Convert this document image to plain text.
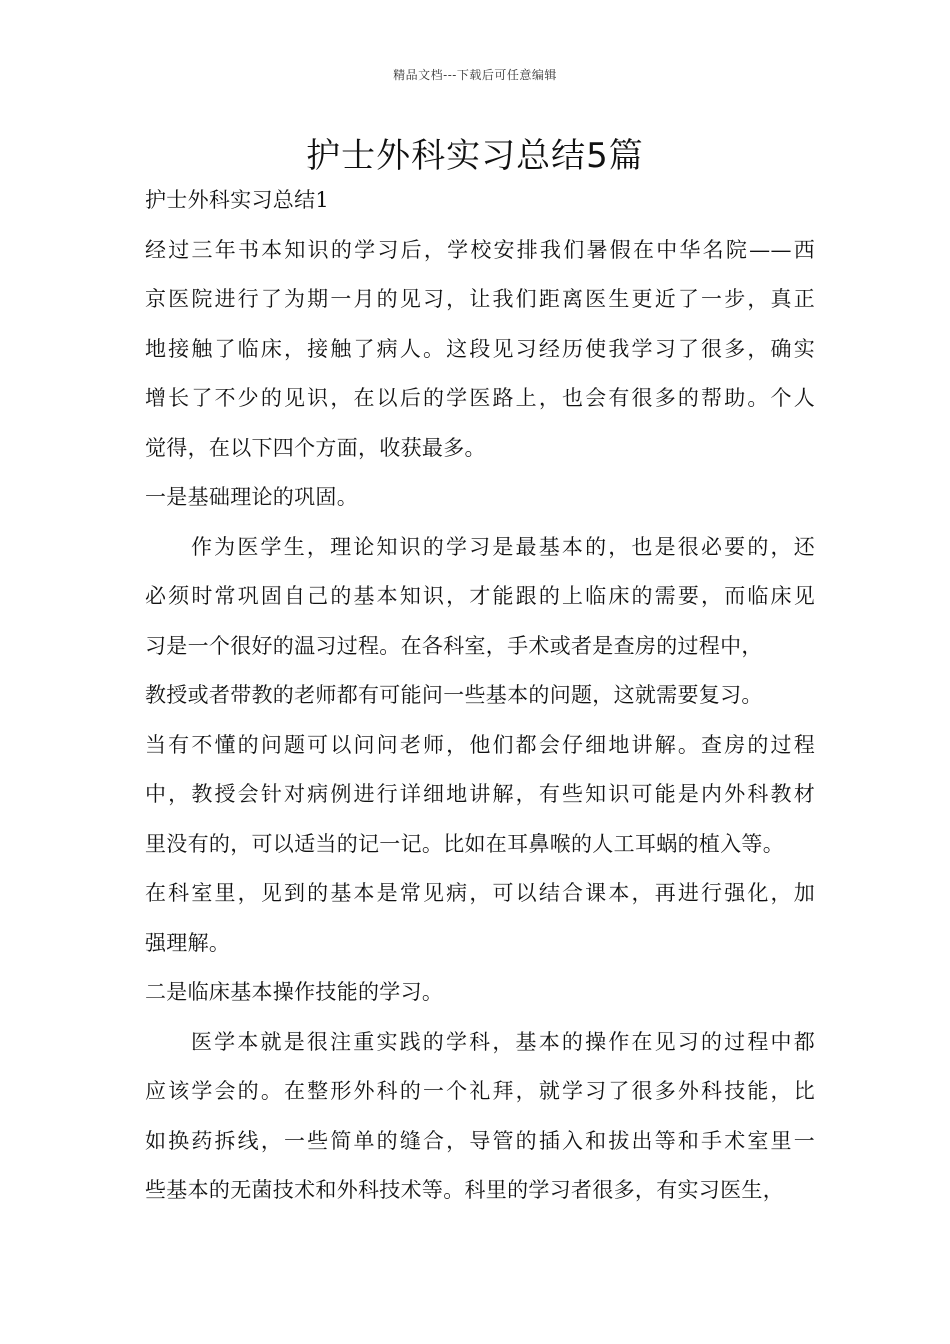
精品文档---下载后可任意编辑
护士外科实习总结5篇
护士外科实习总结1
经过三年书本知识的学习后，学校安排我们暑假在中华名院——西
京医院进行了为期一月的见习，让我们距离医生更近了一步，真正
地接触了临床，接触了病人。这段见习经历使我学习了很多，确实
增长了不少的见识，在以后的学医路上，也会有很多的帮助。个人
觉得，在以下四个方面，收获最多。
一是基础理论的巩固。
作为医学生，理论知识的学习是最基本的，也是很必要的，还
必须时常巩固自己的基本知识，才能跟的上临床的需要，而临床见
习是一个很好的温习过程。在各科室，手术或者是查房的过程中，
教授或者带教的老师都有可能问一些基本的问题，这就需要复习。
当有不懂的问题可以问问老师，他们都会仔细地讲解。查房的过程
中，教授会针对病例进行详细地讲解，有些知识可能是内外科教材
里没有的，可以适当的记一记。比如在耳鼻喉的人工耳蜗的植入等。
在科室里，见到的基本是常见病，可以结合课本，再进行强化，加
强理解。
二是临床基本操作技能的学习。
医学本就是很注重实践的学科，基本的操作在见习的过程中都
应该学会的。在整形外科的一个礼拜，就学习了很多外科技能，比
如换药拆线，一些简单的缝合，导管的插入和拔出等和手术室里一
些基本的无菌技术和外科技术等。科里的学习者很多，有实习医生，
